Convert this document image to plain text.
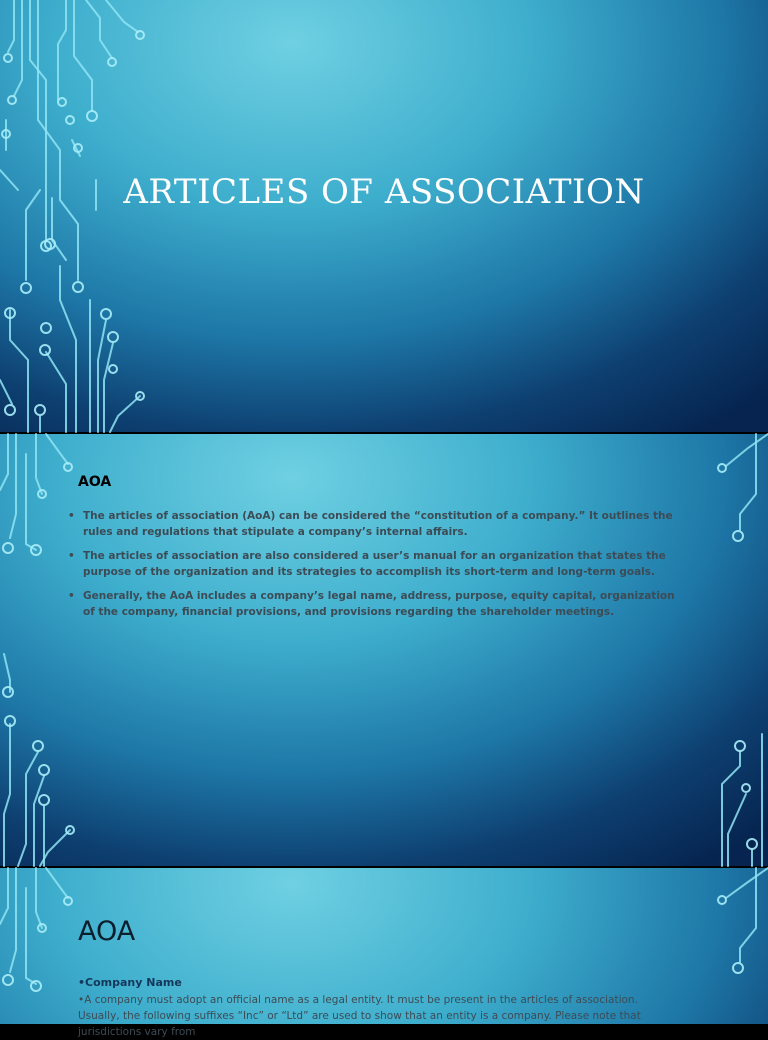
ARTICLES OF ASSOCIATION
AOA
• The articles of association (AoA) can be considered the “constitution of a company.” It outlines the rules and regulations that stipulate a company’s internal affairs.
• The articles of association are also considered a user’s manual for an organization that states the purpose of the organization and its strategies to accomplish its short-term and long-term goals.
• Generally, the AoA includes a company’s legal name, address, purpose, equity capital, organization of the company, financial provisions, and provisions regarding the shareholder meetings.
AOA
•Company Name
•A company must adopt an official name as a legal entity. It must be present in the articles of association. Usually, the following suffixes “Inc” or “Ltd” are used to show that an entity is a company. Please note that jurisdictions vary from
